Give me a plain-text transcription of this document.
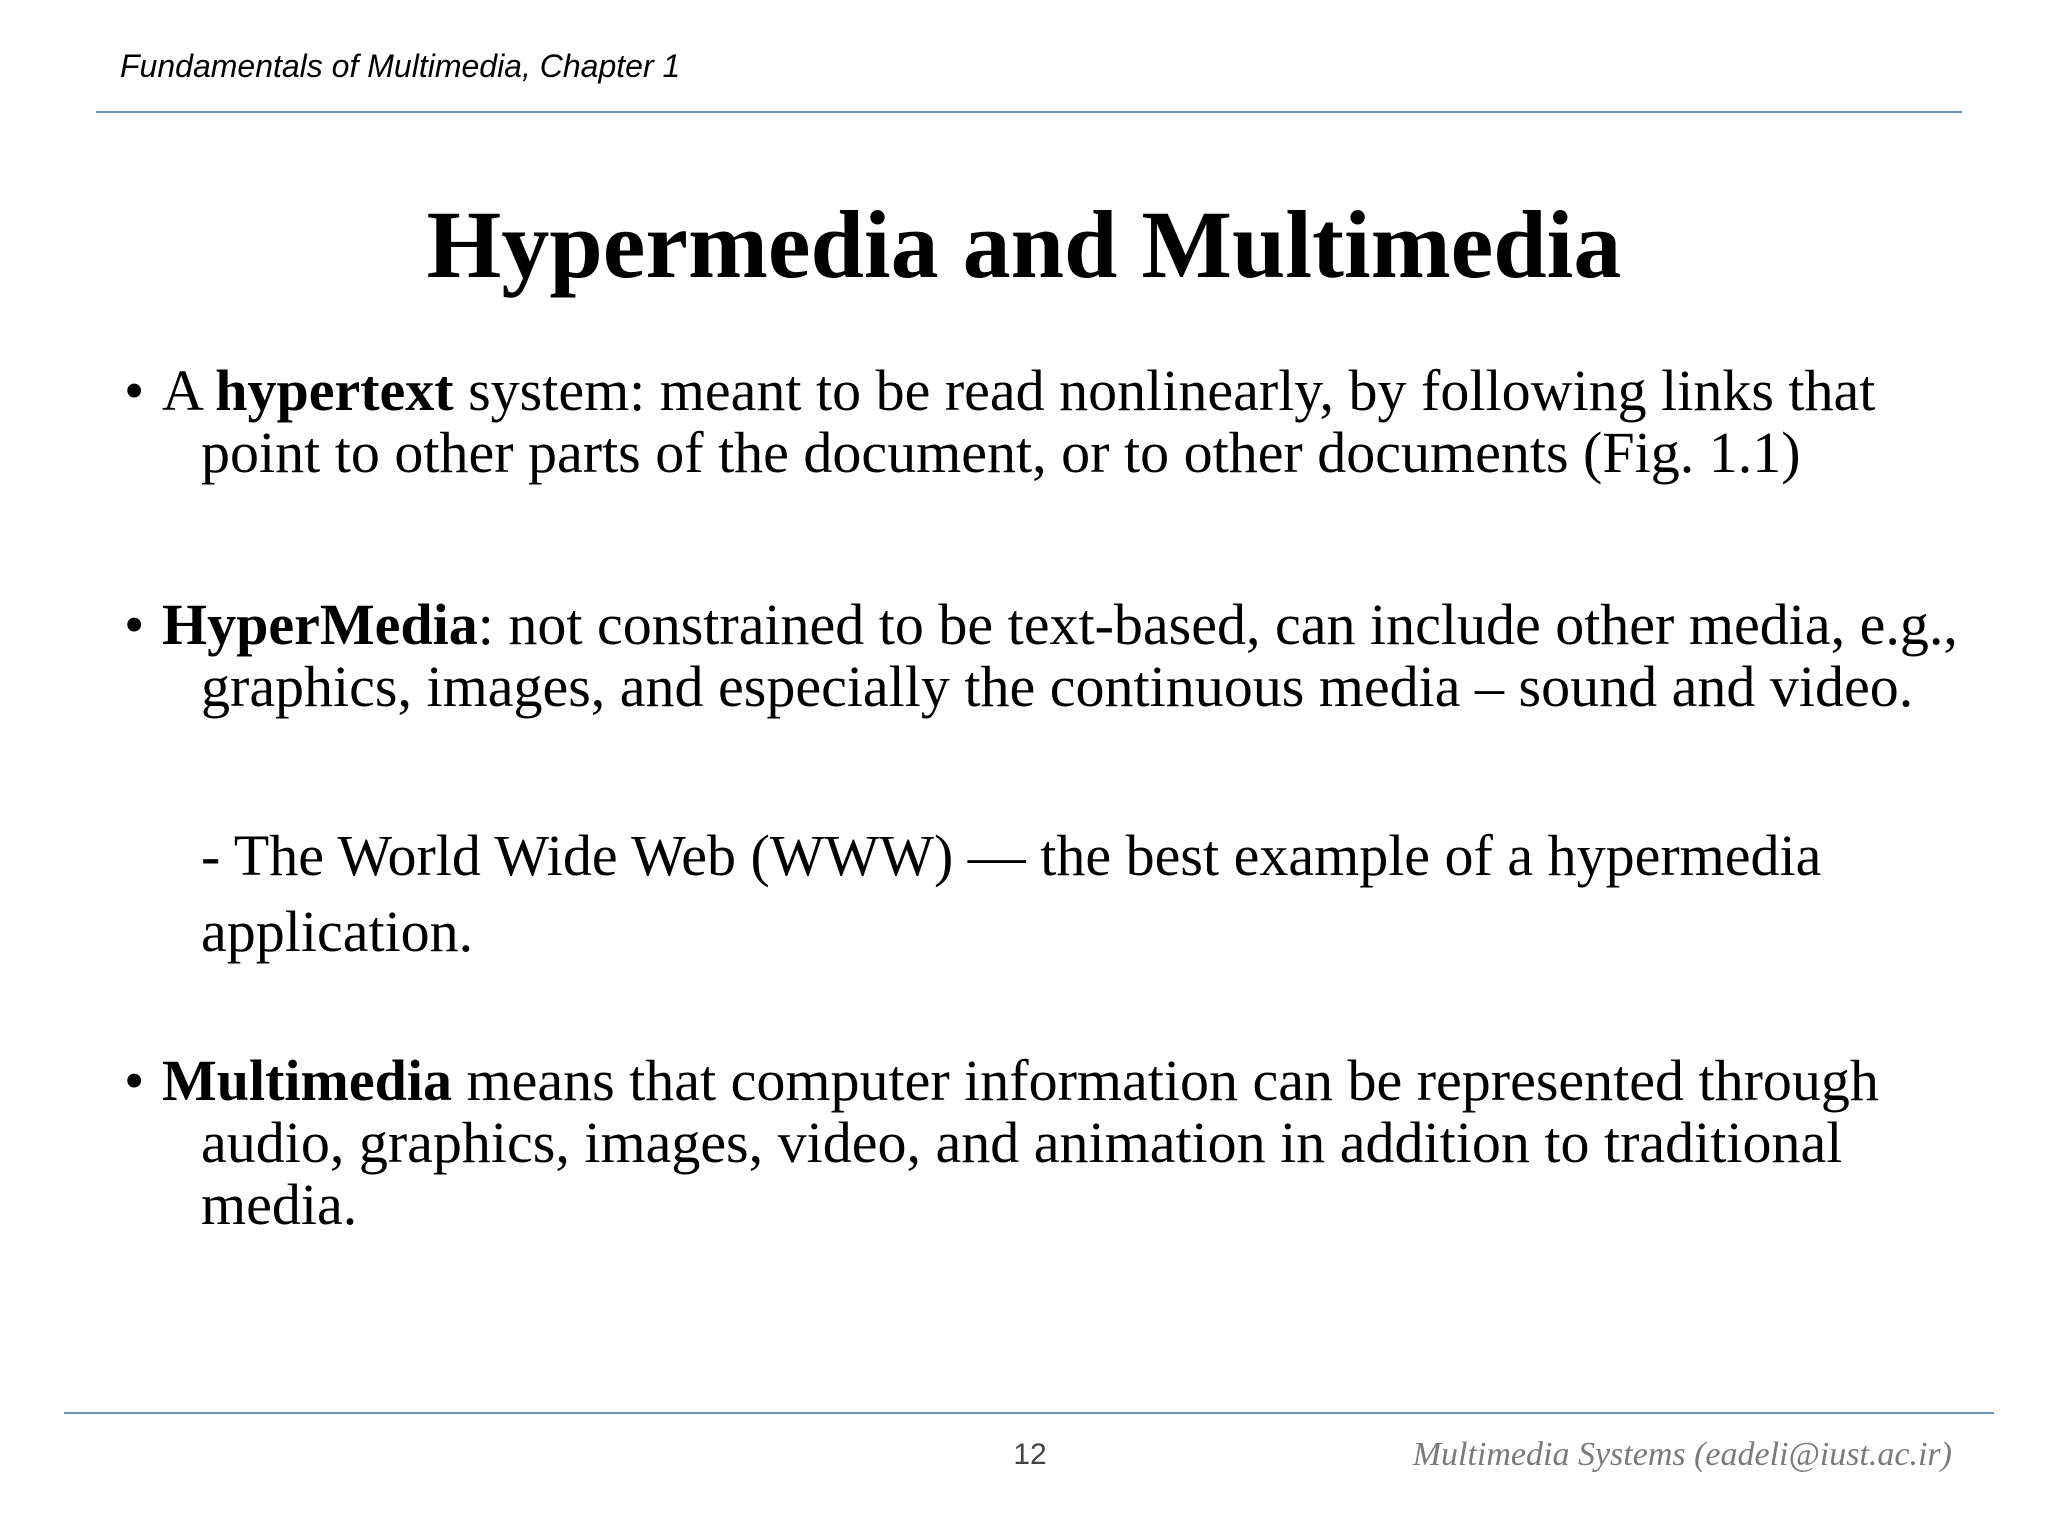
Fundamentals of Multimedia, Chapter 1
Hypermedia and Multimedia

• A hypertext system: meant to be read nonlinearly, by following links that point to other parts of the document, or to other documents (Fig. 1.1)

• HyperMedia: not constrained to be text-based, can include other media, e.g., graphics, images, and especially the continuous media – sound and video.

- The World Wide Web (WWW) — the best example of a hypermedia application.

• Multimedia means that computer information can be represented through audio, graphics, images, video, and animation in addition to traditional media.

12	Multimedia Systems (eadeli@iust.ac.ir)
